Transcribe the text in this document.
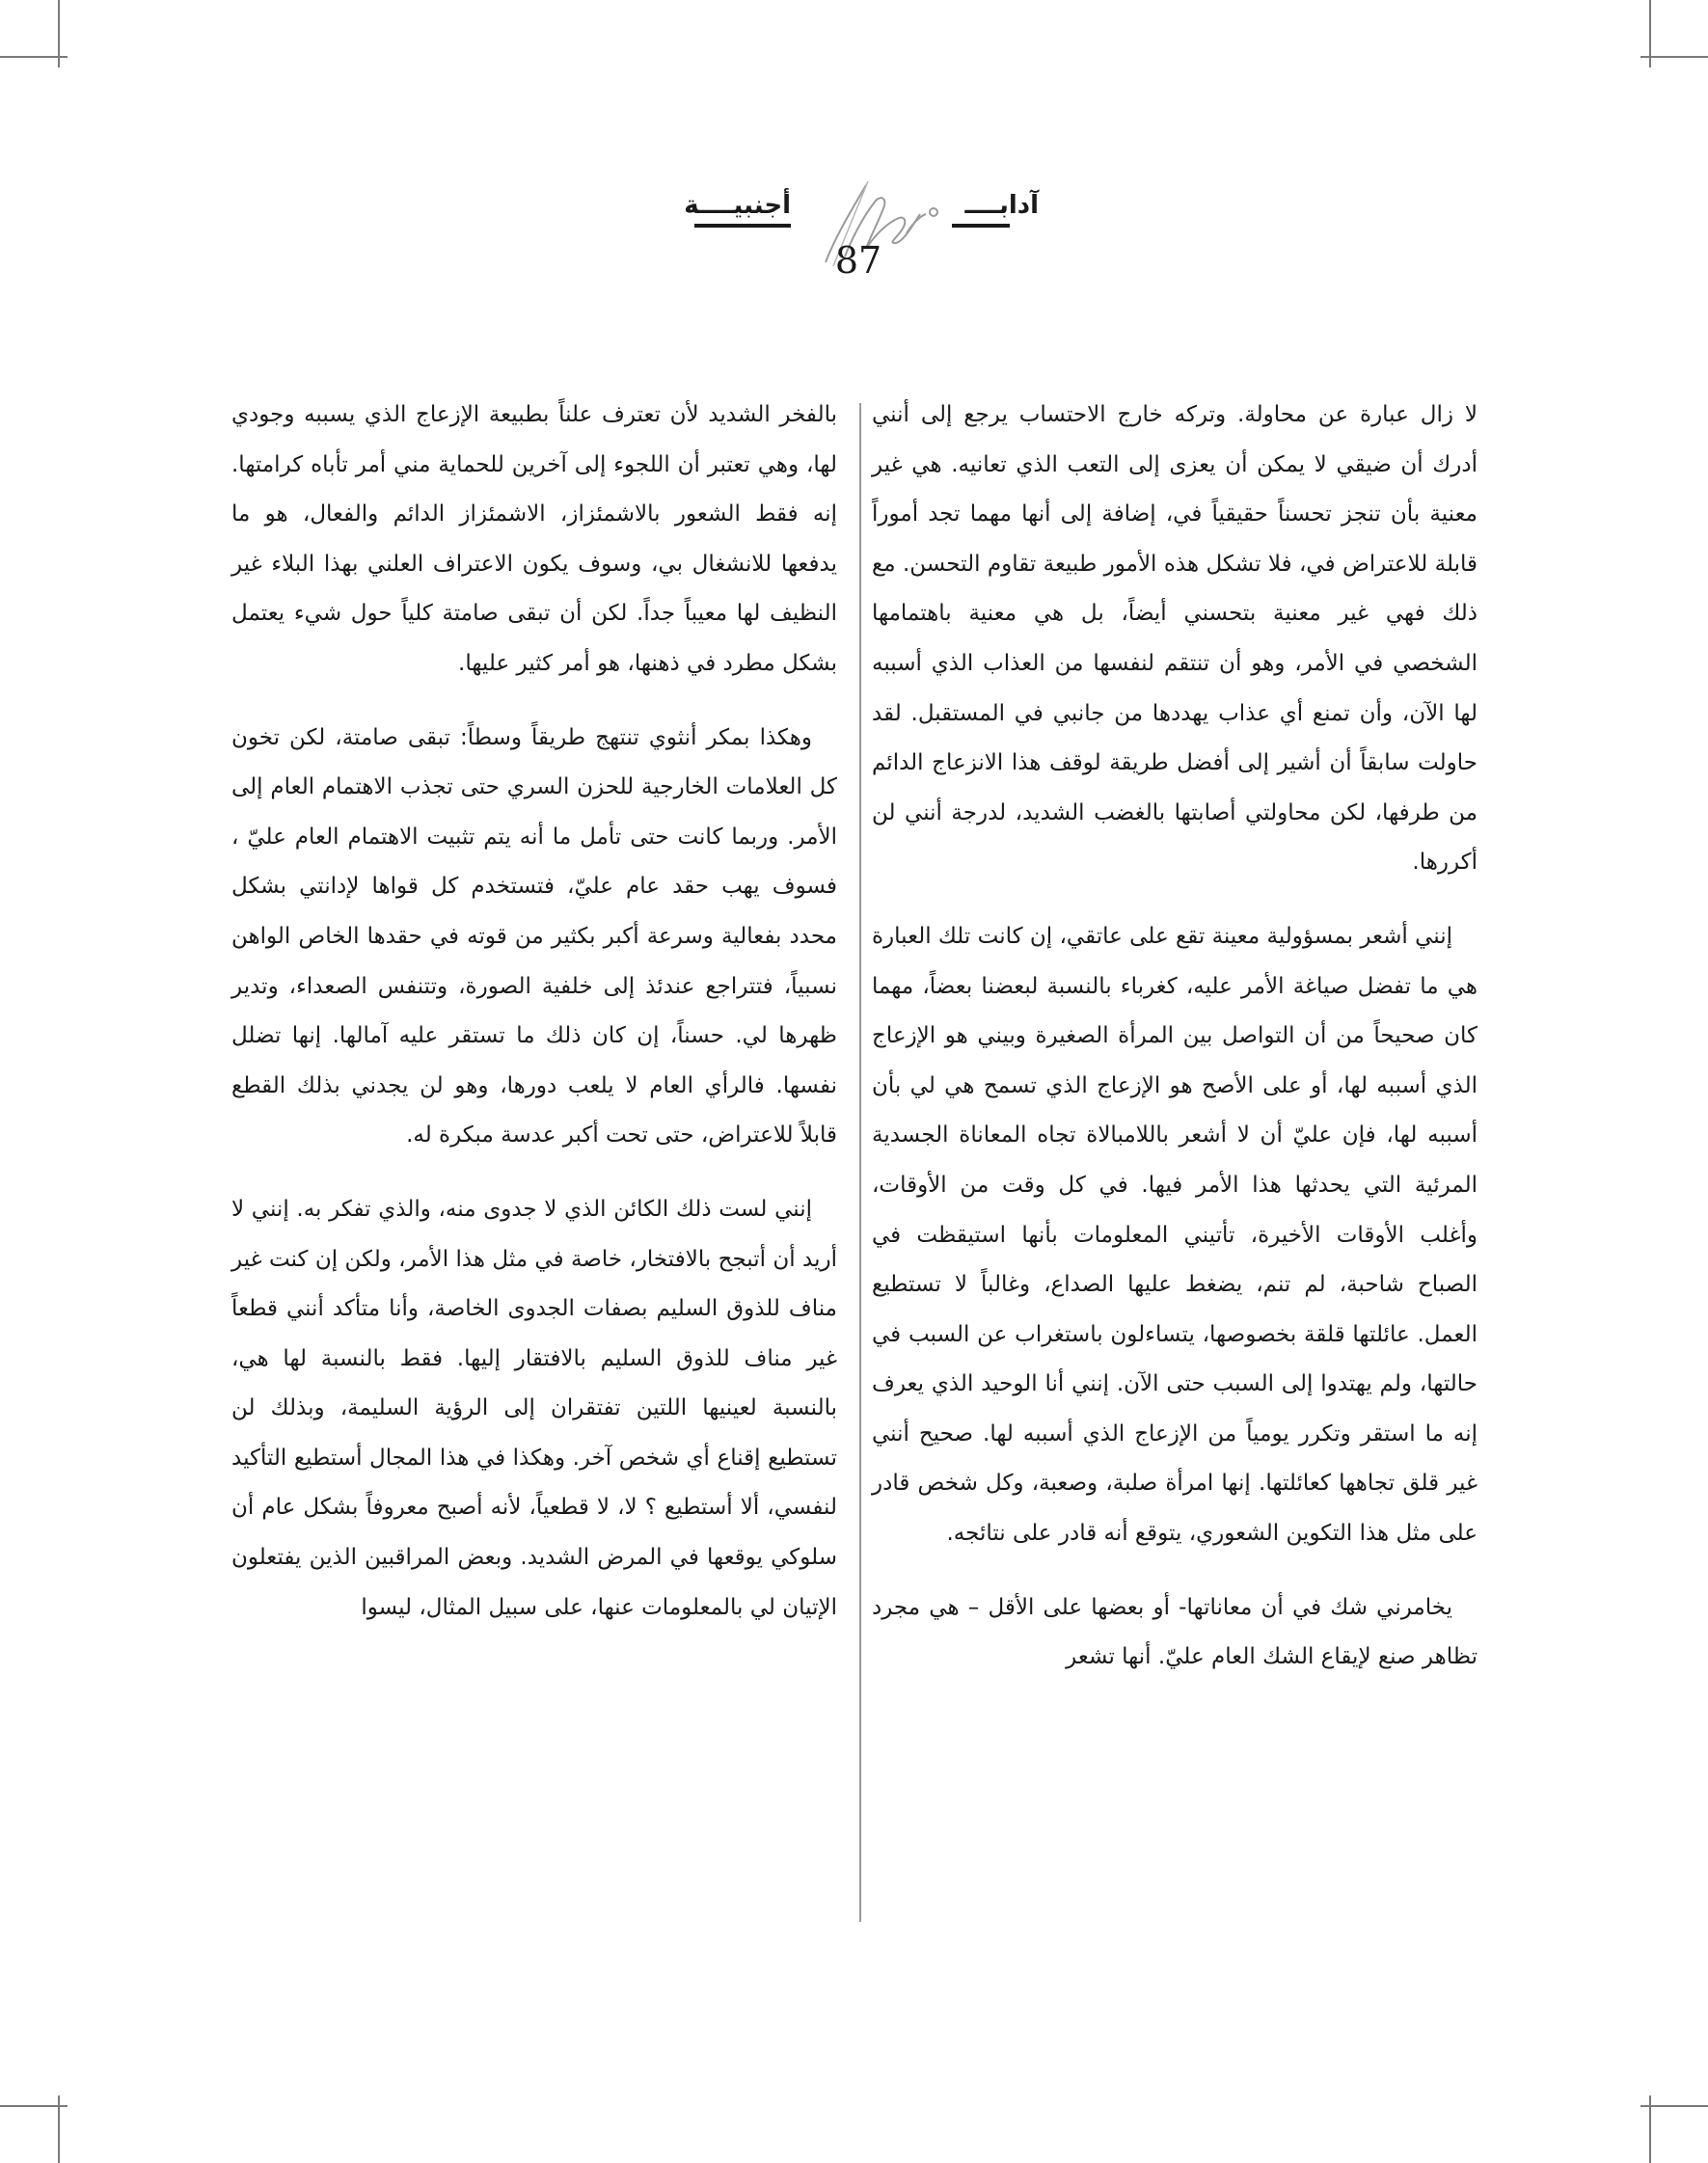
أجنبيــــة	آدابــــ
87

لا زال عبارة عن محاولة. وتركه خارج الاحتساب يرجع إلى أنني أدرك أن ضيقي لا يمكن أن يعزى إلى التعب الذي تعانيه. هي غير معنية بأن تنجز تحسناً حقيقياً في، إضافة إلى أنها مهما تجد أموراً قابلة للاعتراض في، فلا تشكل هذه الأمور طبيعة تقاوم التحسن. مع ذلك فهي غير معنية بتحسني أيضاً، بل هي معنية باهتمامها الشخصي في الأمر، وهو أن تنتقم لنفسها من العذاب الذي أسببه لها الآن، وأن تمنع أي عذاب يهددها من جانبي في المستقبل. لقد حاولت سابقاً أن أشير إلى أفضل طريقة لوقف هذا الانزعاج الدائم من طرفها، لكن محاولتي أصابتها بالغضب الشديد، لدرجة أنني لن أكررها.

إنني أشعر بمسؤولية معينة تقع على عاتقي، إن كانت تلك العبارة هي ما تفضل صياغة الأمر عليه، كغرباء بالنسبة لبعضنا بعضاً، مهما كان صحيحاً من أن التواصل بين المرأة الصغيرة وبيني هو الإزعاج الذي أسببه لها، أو على الأصح هو الإزعاج الذي تسمح هي لي بأن أسببه لها، فإن عليّ أن لا أشعر باللامبالاة تجاه المعاناة الجسدية المرئية التي يحدثها هذا الأمر فيها. في كل وقت من الأوقات، وأغلب الأوقات الأخيرة، تأتيني المعلومات بأنها استيقظت في الصباح شاحبة، لم تنم، يضغط عليها الصداع، وغالباً لا تستطيع العمل. عائلتها قلقة بخصوصها، يتساءلون باستغراب عن السبب في حالتها، ولم يهتدوا إلى السبب حتى الآن. إنني أنا الوحيد الذي يعرف إنه ما استقر وتكرر يومياً من الإزعاج الذي أسببه لها. صحيح أنني غير قلق تجاهها كعائلتها. إنها امرأة صلبة، وصعبة، وكل شخص قادر على مثل هذا التكوين الشعوري، يتوقع أنه قادر على نتائجه.

يخامرني شك في أن معاناتها- أو بعضها على الأقل – هي مجرد تظاهر صنع لإيقاع الشك العام عليّ. أنها تشعر

بالفخر الشديد لأن تعترف علناً بطبيعة الإزعاج الذي يسببه وجودي لها، وهي تعتبر أن اللجوء إلى آخرين للحماية مني أمر تأباه كرامتها. إنه فقط الشعور بالاشمئزاز، الاشمئزاز الدائم والفعال، هو ما يدفعها للانشغال بي، وسوف يكون الاعتراف العلني بهذا البلاء غير النظيف لها معيباً جداً. لكن أن تبقى صامتة كلياً حول شيء يعتمل بشكل مطرد في ذهنها، هو أمر كثير عليها.

وهكذا بمكر أنثوي تنتهج طريقاً وسطاً: تبقى صامتة، لكن تخون كل العلامات الخارجية للحزن السري حتى تجذب الاهتمام العام إلى الأمر. وربما كانت حتى تأمل ما أنه يتم تثبيت الاهتمام العام عليّ ، فسوف يهب حقد عام عليّ، فتستخدم كل قواها لإدانتي بشكل محدد بفعالية وسرعة أكبر بكثير من قوته في حقدها الخاص الواهن نسبياً، فتتراجع عندئذ إلى خلفية الصورة، وتتنفس الصعداء، وتدير ظهرها لي. حسناً، إن كان ذلك ما تستقر عليه آمالها. إنها تضلل نفسها. فالرأي العام لا يلعب دورها، وهو لن يجدني بذلك القطع قابلاً للاعتراض، حتى تحت أكبر عدسة مبكرة له.

إنني لست ذلك الكائن الذي لا جدوى منه، والذي تفكر به. إنني لا أريد أن أتبجح بالافتخار، خاصة في مثل هذا الأمر، ولكن إن كنت غير مناف للذوق السليم بصفات الجدوى الخاصة، وأنا متأكد أنني قطعاً غير مناف للذوق السليم بالافتقار إليها. فقط بالنسبة لها هي، بالنسبة لعينيها اللتين تفتقران إلى الرؤية السليمة، وبذلك لن تستطيع إقناع أي شخص آخر. وهكذا في هذا المجال أستطيع التأكيد لنفسي، ألا أستطيع ؟ لا، لا قطعياً، لأنه أصبح معروفاً بشكل عام أن سلوكي يوقعها في المرض الشديد. وبعض المراقبين الذين يفتعلون الإتيان لي بالمعلومات عنها، على سبيل المثال، ليسوا
